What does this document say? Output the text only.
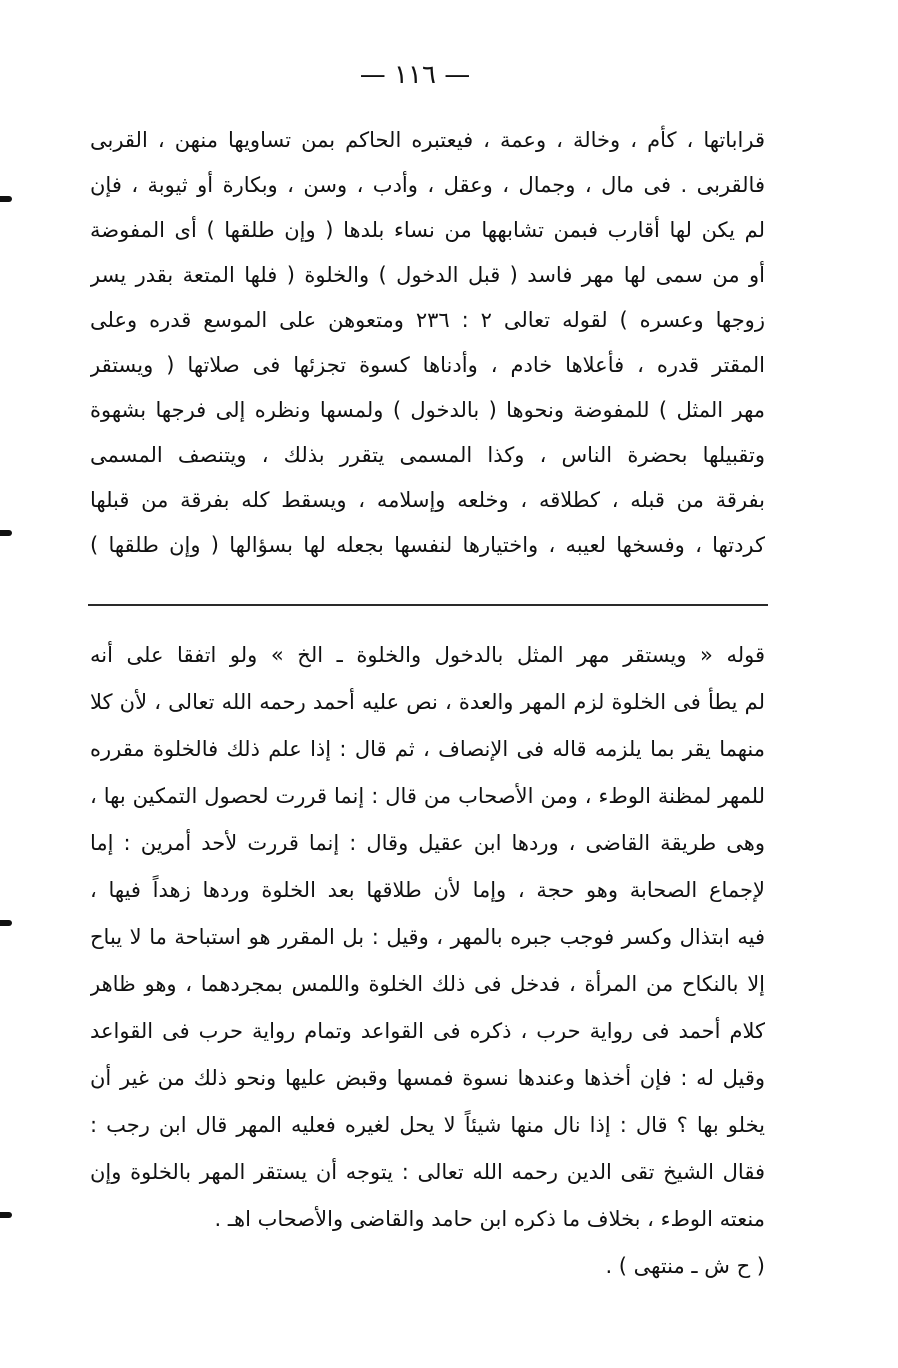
— ١١٦ —
قراباتها ، كأم ، وخالة ، وعمة ، فيعتبره الحاكم بمن تساويها منهن ، القربى
فالقربى . فى مال ، وجمال ، وعقل ، وأدب ، وسن ، وبكارة أو ثيوبة ، فإن
لم يكن لها أقارب فبمن تشابهها من نساء بلدها ( وإن طلقها ) أى المفوضة
أو من سمى لها مهر فاسد ( قبل الدخول ) والخلوة ( فلها المتعة بقدر يسر
زوجها وعسره ) لقوله تعالى ٢ : ٢٣٦ ومتعوهن على الموسع قدره وعلى
المقتر قدره ، فأعلاها خادم ، وأدناها كسوة تجزئها فى صلاتها ( ويستقر
مهر المثل ) للمفوضة ونحوها ( بالدخول ) ولمسها ونظره إلى فرجها بشهوة
وتقبيلها بحضرة الناس ، وكذا المسمى يتقرر بذلك ، ويتنصف المسمى
بفرقة من قبله ، كطلاقه ، وخلعه وإسلامه ، ويسقط كله بفرقة من قبلها
كردتها ، وفسخها لعيبه ، واختيارها لنفسها بجعله لها بسؤالها ( وإن طلقها )
قوله « ويستقر مهر المثل بالدخول والخلوة ـ الخ » ولو اتفقا على أنه
لم يطأ فى الخلوة لزم المهر والعدة ، نص عليه أحمد رحمه الله تعالى ، لأن كلا
منهما يقر بما يلزمه قاله فى الإنصاف ، ثم قال : إذا علم ذلك فالخلوة مقرره
للمهر لمظنة الوطء ، ومن الأصحاب من قال : إنما قررت لحصول التمكين بها ،
وهى طريقة القاضى ، وردها ابن عقيل وقال : إنما قررت لأحد أمرين : إما
لإجماع الصحابة وهو حجة ، وإما لأن طلاقها بعد الخلوة وردها زهداً فيها ،
فيه ابتذال وكسر فوجب جبره بالمهر ، وقيل : بل المقرر هو استباحة ما لا يباح
إلا بالنكاح من المرأة ، فدخل فى ذلك الخلوة واللمس بمجردهما ، وهو ظاهر
كلام أحمد فى رواية حرب ، ذكره فى القواعد وتمام رواية حرب فى القواعد
وقيل له : فإن أخذها وعندها نسوة فمسها وقبض عليها ونحو ذلك من غير أن
يخلو بها ؟ قال : إذا نال منها شيئاً لا يحل لغيره فعليه المهر قال ابن رجب :
فقال الشيخ تقى الدين رحمه الله تعالى : يتوجه أن يستقر المهر بالخلوة وإن
منعته الوطء ، بخلاف ما ذكره ابن حامد والقاضى والأصحاب اهـ .
( ح ش ـ منتهى ) .
